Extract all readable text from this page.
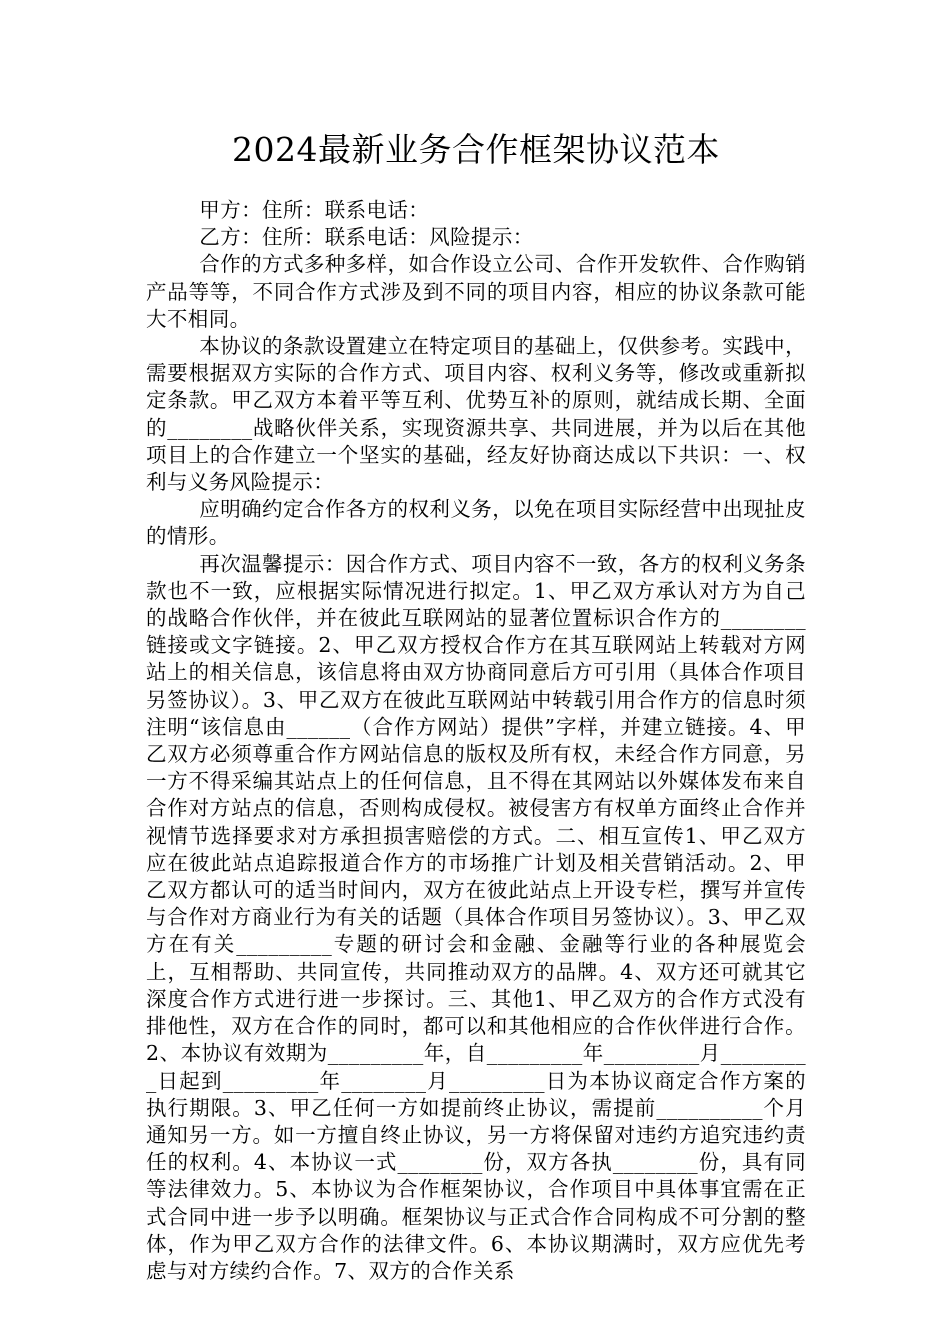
2024最新业务合作框架协议范本

甲方：住所：联系电话：

乙方：住所：联系电话：风险提示：

合作的方式多种多样，如合作设立公司、合作开发软件、合作购销产品等等，不同合作方式涉及到不同的项目内容，相应的协议条款可能大不相同。

本协议的条款设置建立在特定项目的基础上，仅供参考。实践中，需要根据双方实际的合作方式、项目内容、权利义务等，修改或重新拟定条款。甲乙双方本着平等互利、优势互补的原则，就结成长期、全面的________战略伙伴关系，实现资源共享、共同进展，并为以后在其他项目上的合作建立一个坚实的基础，经友好协商达成以下共识：一、权利与义务风险提示：

应明确约定合作各方的权利义务，以免在项目实际经营中出现扯皮的情形。

再次温馨提示：因合作方式、项目内容不一致，各方的权利义务条款也不一致，应根据实际情况进行拟定。1、甲乙双方承认对方为自己的战略合作伙伴，并在彼此互联网站的显著位置标识合作方的________链接或文字链接。2、甲乙双方授权合作方在其互联网站上转载对方网站上的相关信息，该信息将由双方协商同意后方可引用（具体合作项目另签协议）。3、甲乙双方在彼此互联网站中转载引用合作方的信息时须注明“该信息由______（合作方网站）提供”字样，并建立链接。4、甲乙双方必须尊重合作方网站信息的版权及所有权，未经合作方同意，另一方不得采编其站点上的任何信息，且不得在其网站以外媒体发布来自合作对方站点的信息，否则构成侵权。被侵害方有权单方面终止合作并视情节选择要求对方承担损害赔偿的方式。二、相互宣传1、甲乙双方应在彼此站点追踪报道合作方的市场推广计划及相关营销活动。2、甲乙双方都认可的适当时间内，双方在彼此站点上开设专栏，撰写并宣传与合作对方商业行为有关的话题（具体合作项目另签协议）。3、甲乙双方在有关_________专题的研讨会和金融、金融等行业的各种展览会上，互相帮助、共同宣传，共同推动双方的品牌。4、双方还可就其它深度合作方式进行进一步探讨。三、其他1、甲乙双方的合作方式没有排他性，双方在合作的同时，都可以和其他相应的合作伙伴进行合作。2、本协议有效期为_________年，自_________年_________月_________日起到_________年________月_________日为本协议商定合作方案的执行期限。3、甲乙任何一方如提前终止协议，需提前__________个月通知另一方。如一方擅自终止协议，另一方将保留对违约方追究违约责任的权利。4、本协议一式________份，双方各执________份，具有同等法律效力。5、本协议为合作框架协议，合作项目中具体事宜需在正式合同中进一步予以明确。框架协议与正式合作合同构成不可分割的整体，作为甲乙双方合作的法律文件。6、本协议期满时，双方应优先考虑与对方续约合作。7、双方的合作关系
